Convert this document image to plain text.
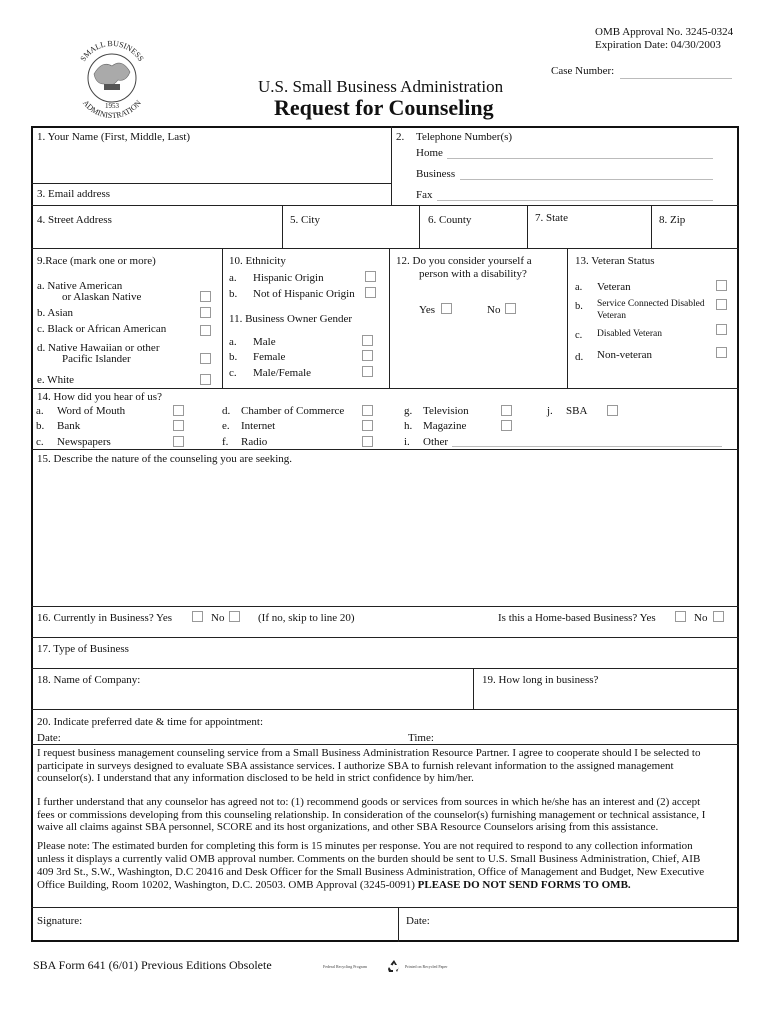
OMB Approval No. 3245-0324
Expiration Date: 04/30/2003
Case Number:
SMALL BUSINESS
ADMINISTRATION
1953
U.S. Small Business Administration
Request for Counseling
1. Your Name (First, Middle, Last)	2. Telephone Number(s)
Home
Business
3. Email address	Fax
4. Street Address	5. City	6. County	7. State	8. Zip
9.Race (mark one or more)
a. Native American
or Alaskan Native
b. Asian
c. Black or African American
d. Native Hawaiian or other
Pacific Islander
e. White
10. Ethnicity
a. Hispanic Origin
b. Not of Hispanic Origin
11. Business Owner Gender
a. Male
b. Female
c. Male/Female
12. Do you consider yourself a
person with a disability?
Yes	No
13. Veteran Status
a. Veteran
b. Service Connected Disabled
Veteran
c. Disabled Veteran
d. Non-veteran
14. How did you hear of us?
a. Word of Mouth
b. Bank
c. Newspapers
d. Chamber of Commerce
e. Internet
f. Radio
g. Television
h. Magazine
i. Other
j. SBA
15. Describe the nature of the counseling you are seeking.
16. Currently in Business? Yes	No	(If no, skip to line 20)	Is this a Home-based Business? Yes	No
17. Type of Business
18. Name of Company:	19. How long in business?
20. Indicate preferred date & time for appointment:
Date:	Time:
I request business management counseling service from a Small Business Administration Resource Partner. I agree to cooperate should I be selected to
participate in surveys designed to evaluate SBA assistance services. I authorize SBA to furnish relevant information to the assigned management
counselor(s). I understand that any information disclosed to be held in strict confidence by him/her.
I further understand that any counselor has agreed not to: (1) recommend goods or services from sources in which he/she has an interest and (2) accept
fees or commissions developing from this counseling relationship. In consideration of the counselor(s) furnishing management or technical assistance, I
waive all claims against SBA personnel, SCORE and its host organizations, and other SBA Resource Counselors arising from this assistance.
Please note: The estimated burden for completing this form is 15 minutes per response. You are not required to respond to any collection information
unless it displays a currently valid OMB approval number. Comments on the burden should be sent to U.S. Small Business Administration, Chief, AIB
409 3rd St., S.W., Washington, D.C 20416 and Desk Officer for the Small Business Administration, Office of Management and Budget, New Executive
Office Building, Room 10202, Washington, D.C. 20503. OMB Approval (3245-0091) PLEASE DO NOT SEND FORMS TO OMB.
Signature:	Date:
SBA Form 641 (6/01) Previous Editions Obsolete	Federal Recycling Program	Printed on Recycled Paper
